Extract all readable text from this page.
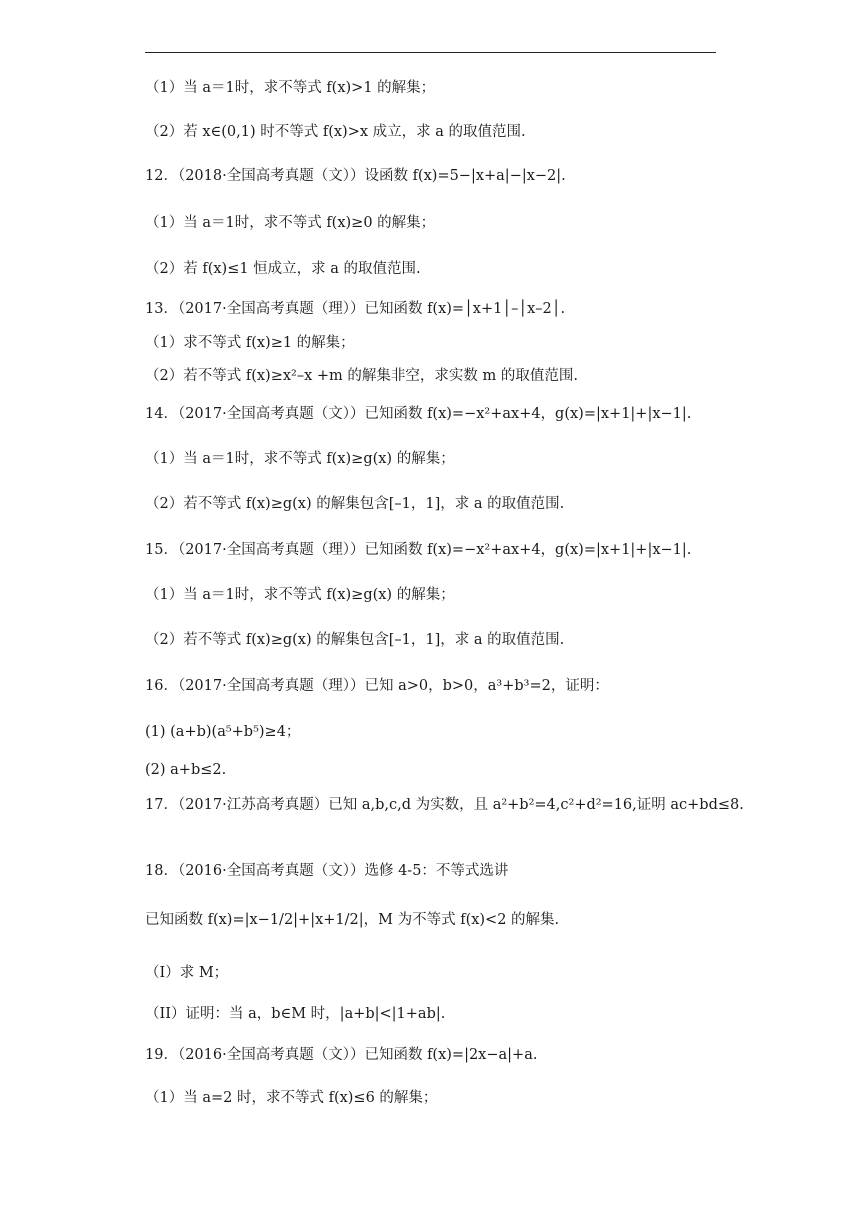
（1）当 a＝1时，求不等式 f(x)>1 的解集；
（2）若 x∈(0,1) 时不等式 f(x)>x 成立，求 a 的取值范围.
12．（2018·全国高考真题（文））设函数 f(x)=5−|x+a|−|x−2|.
（1）当 a＝1时，求不等式 f(x)≥0 的解集；
（2）若 f(x)≤1 恒成立，求 a 的取值范围.
13．（2017·全国高考真题（理））已知函数 f(x)=│x+1│–│x–2│.
（1）求不等式 f(x)≥1 的解集；
（2）若不等式 f(x)≥x²–x +m 的解集非空，求实数 m 的取值范围.
14．（2017·全国高考真题（文））已知函数 f(x)=−x²+ax+4，g(x)=|x+1|+|x−1|.
（1）当 a＝1时，求不等式 f(x)≥g(x) 的解集；
（2）若不等式 f(x)≥g(x) 的解集包含[–1，1]，求 a 的取值范围.
15．（2017·全国高考真题（理））已知函数 f(x)=−x²+ax+4，g(x)=|x+1|+|x−1|.
（1）当 a＝1时，求不等式 f(x)≥g(x) 的解集；
（2）若不等式 f(x)≥g(x) 的解集包含[–1，1]，求 a 的取值范围.
16．（2017·全国高考真题（理））已知 a>0，b>0，a³+b³=2，证明：
(1) (a+b)(a⁵+b⁵)≥4；
(2) a+b≤2.
17．（2017·江苏高考真题）已知 a,b,c,d 为实数，且 a²+b²=4,c²+d²=16,证明 ac+bd≤8.
18．（2016·全国高考真题（文））选修 4-5：不等式选讲
已知函数 f(x)=|x−1/2|+|x+1/2|，M 为不等式 f(x)<2 的解集.
（I）求 M；
（II）证明：当 a，b∈M 时，|a+b|<|1+ab|.
19．（2016·全国高考真题（文））已知函数 f(x)=|2x−a|+a.
（1）当 a=2 时，求不等式 f(x)≤6 的解集；
